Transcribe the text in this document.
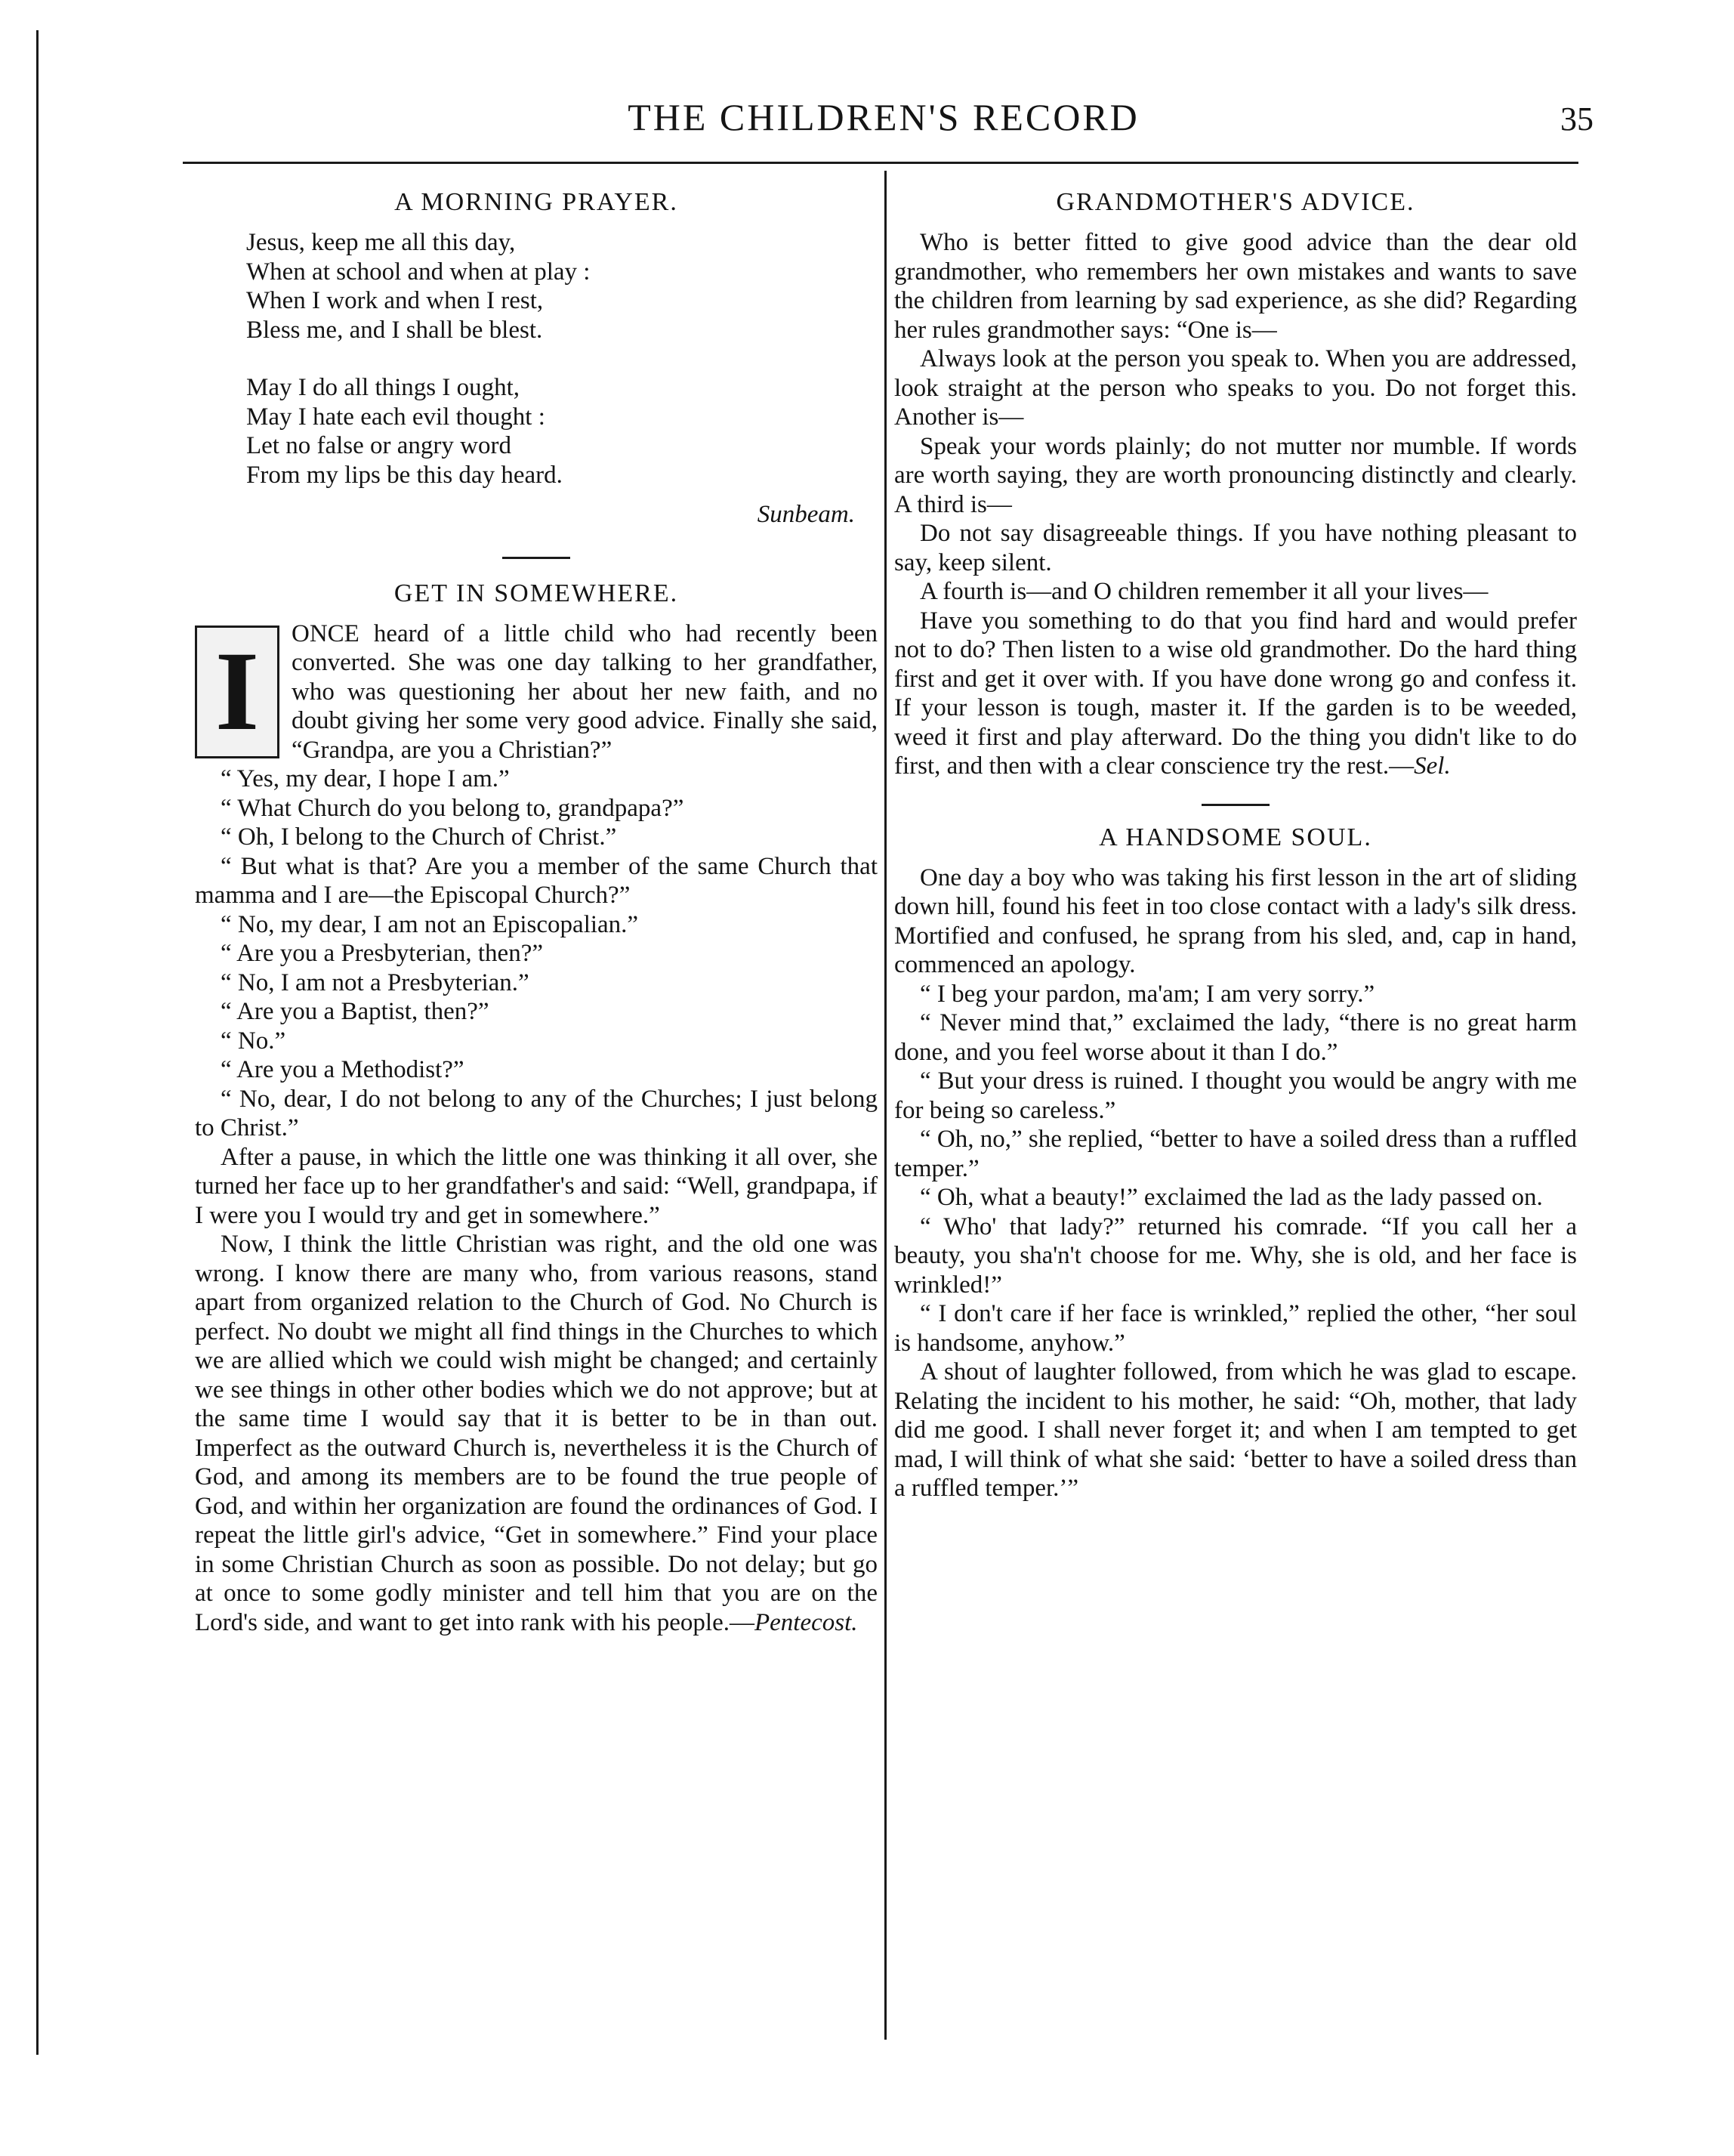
THE CHILDREN'S RECORD	35
A MORNING PRAYER.
Jesus, keep me all this day,
When at school and when at play :
When I work and when I rest,
Bless me, and I shall be blest.
May I do all things I ought,
May I hate each evil thought :
Let no false or angry word
From my lips be this day heard.
Sunbeam.
GET IN SOMEWHERE.
I	ONCE heard of a little child who had recently been converted. She was one day talking to her grandfather, who was questioning her about her new faith, and no doubt giving her some very good advice. Finally she said, “Grandpa, are you a Christian?”

“ Yes, my dear, I hope I am.”

“ What Church do you belong to, grandpapa?”

“ Oh, I belong to the Church of Christ.”

“ But what is that? Are you a member of the same Church that mamma and I are—the Episcopal Church?”

“ No, my dear, I am not an Episcopalian.”

“ Are you a Presbyterian, then?”

“ No, I am not a Presbyterian.”

“ Are you a Baptist, then?”

“ No.”

“ Are you a Methodist?”

“ No, dear, I do not belong to any of the Churches; I just belong to Christ.”

After a pause, in which the little one was thinking it all over, she turned her face up to her grandfather's and said: “Well, grandpapa, if I were you I would try and get in somewhere.”

Now, I think the little Christian was right, and the old one was wrong. I know there are many who, from various reasons, stand apart from organized relation to the Church of God. No Church is perfect. No doubt we might all find things in the Churches to which we are allied which we could wish might be changed; and certainly we see things in other other bodies which we do not approve; but at the same time I would say that it is better to be in than out. Imperfect as the outward Church is, nevertheless it is the Church of God, and among its members are to be found the true people of God, and within her organization are found the ordinances of God. I repeat the little girl's advice, “Get in somewhere.” Find your place in some Christian Church as soon as possible. Do not delay; but go at once to some godly minister and tell him that you are on the Lord's side, and want to get into rank with his people.—Pentecost.

GRANDMOTHER'S ADVICE.

Who is better fitted to give good advice than the dear old grandmother, who remembers her own mistakes and wants to save the children from learning by sad experience, as she did? Regarding her rules grandmother says: “One is—

Always look at the person you speak to. When you are addressed, look straight at the person who speaks to you. Do not forget this. Another is—

Speak your words plainly; do not mutter nor mumble. If words are worth saying, they are worth pronouncing distinctly and clearly. A third is—

Do not say disagreeable things. If you have nothing pleasant to say, keep silent.

A fourth is—and O children remember it all your lives—

Have you something to do that you find hard and would prefer not to do? Then listen to a wise old grandmother. Do the hard thing first and get it over with. If you have done wrong go and confess it. If your lesson is tough, master it. If the garden is to be weeded, weed it first and play afterward. Do the thing you didn't like to do first, and then with a clear conscience try the rest.—Sel.

A HANDSOME SOUL.

One day a boy who was taking his first lesson in the art of sliding down hill, found his feet in too close contact with a lady's silk dress. Mortified and confused, he sprang from his sled, and, cap in hand, commenced an apology.

“ I beg your pardon, ma'am; I am very sorry.”

“ Never mind that,” exclaimed the lady, “there is no great harm done, and you feel worse about it than I do.”

“ But your dress is ruined. I thought you would be angry with me for being so careless.”

“ Oh, no,” she replied, “better to have a soiled dress than a ruffled temper.”

“ Oh, what a beauty!” exclaimed the lad as the lady passed on.

“ Who' that lady?” returned his comrade. “If you call her a beauty, you sha'n't choose for me. Why, she is old, and her face is wrinkled!”

“ I don't care if her face is wrinkled,” replied the other, “her soul is handsome, anyhow.”

A shout of laughter followed, from which he was glad to escape. Relating the incident to his mother, he said: “Oh, mother, that lady did me good. I shall never forget it; and when I am tempted to get mad, I will think of what she said: ‘better to have a soiled dress than a ruffled temper.’”
